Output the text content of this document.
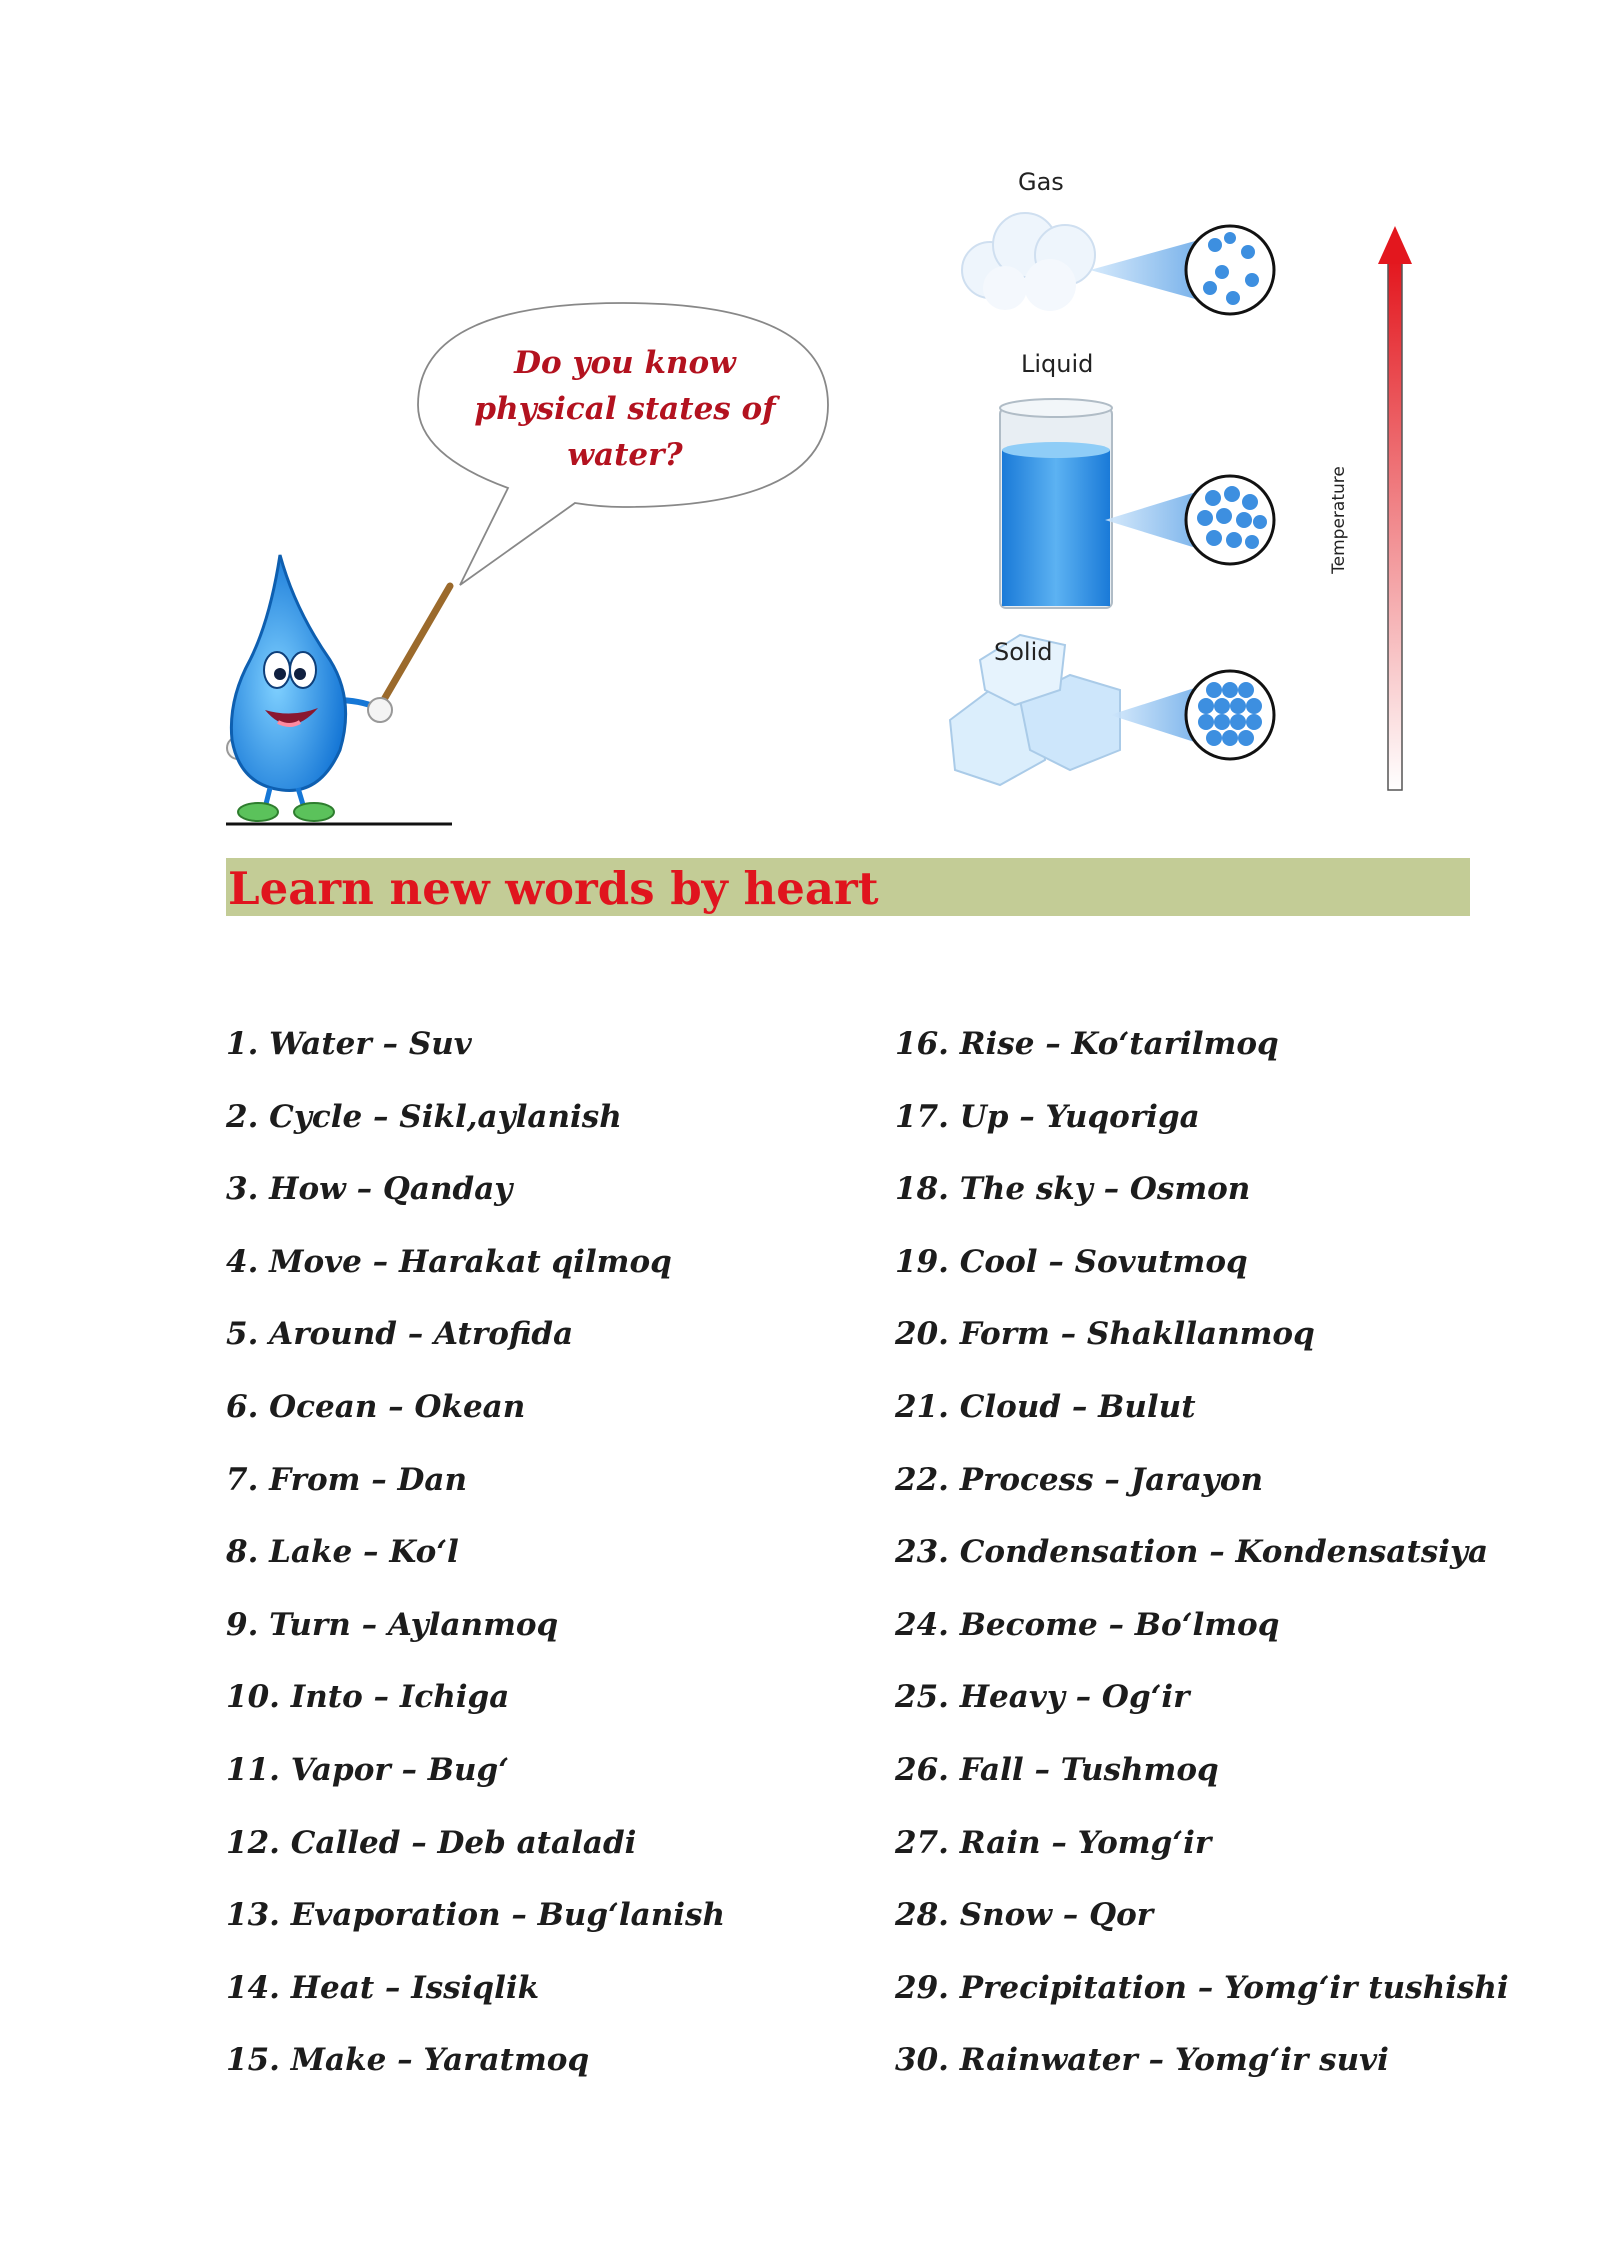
Do you know
physical states of
water?
Gas
Liquid
Solid
Temperature
Learn new words by heart
1. Water – Suv
2. Cycle – Sikl,aylanish
3. How – Qanday
4. Move – Harakat qilmoq
5. Around – Atrofida
6. Ocean – Okean
7. From – Dan
8. Lake – Ko‘l
9. Turn – Aylanmoq
10. Into – Ichiga
11. Vapor – Bug‘
12. Called – Deb ataladi
13. Evaporation – Bug‘lanish
14. Heat – Issiqlik
15. Make – Yaratmoq
16. Rise – Ko‘tarilmoq
17. Up – Yuqoriga
18. The sky – Osmon
19. Cool – Sovutmoq
20. Form – Shakllanmoq
21. Cloud – Bulut
22. Process – Jarayon
23. Condensation – Kondensatsiya
24. Become – Bo‘lmoq
25. Heavy – Og‘ir
26. Fall – Tushmoq
27. Rain – Yomg‘ir
28. Snow – Qor
29. Precipitation – Yomg‘ir tushishi
30. Rainwater – Yomg‘ir suvi
